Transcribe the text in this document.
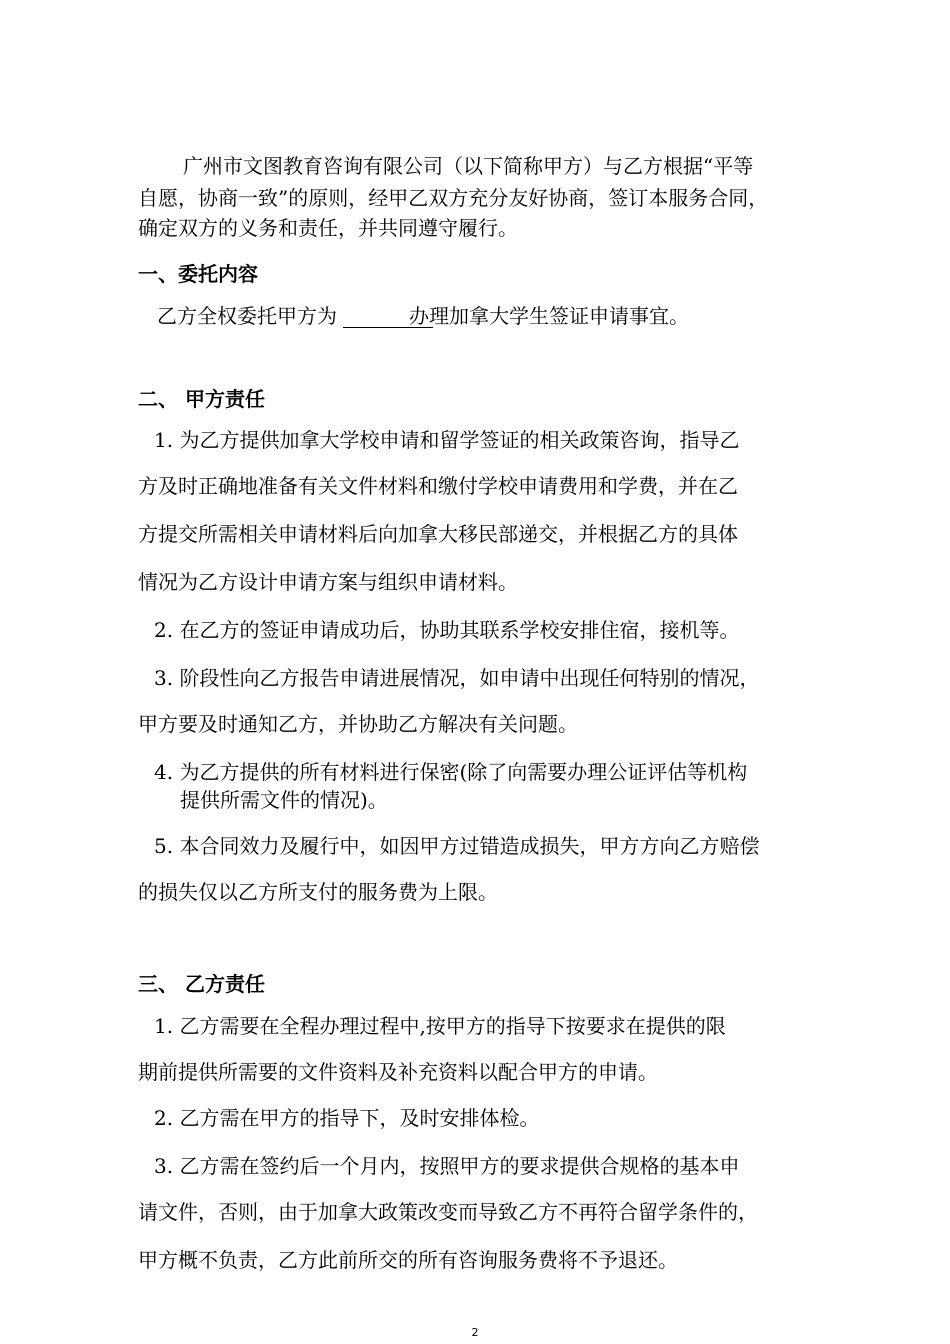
广州市文图教育咨询有限公司（以下简称甲方）与乙方根据“平等
自愿，协商一致”的原则，经甲乙双方充分友好协商，签订本服务合同，
确定双方的义务和责任，并共同遵守履行。
一、委托内容
乙方全权委托甲方为	办理加拿大学生签证申请事宜。
二、 甲方责任
1. 为乙方提供加拿大学校申请和留学签证的相关政策咨询，指导乙
方及时正确地准备有关文件材料和缴付学校申请费用和学费，并在乙
方提交所需相关申请材料后向加拿大移民部递交，并根据乙方的具体
情况为乙方设计申请方案与组织申请材料。
2. 在乙方的签证申请成功后，协助其联系学校安排住宿，接机等。
3. 阶段性向乙方报告申请进展情况，如申请中出现任何特别的情况，
甲方要及时通知乙方，并协助乙方解决有关问题。
4. 为乙方提供的所有材料进行保密(除了向需要办理公证评估等机构
提供所需文件的情况)。
5. 本合同效力及履行中，如因甲方过错造成损失，甲方方向乙方赔偿
的损失仅以乙方所支付的服务费为上限。
三、 乙方责任
1. 乙方需要在全程办理过程中,按甲方的指导下按要求在提供的限
期前提供所需要的文件资料及补充资料以配合甲方的申请。
2. 乙方需在甲方的指导下，及时安排体检。
3. 乙方需在签约后一个月内，按照甲方的要求提供合规格的基本申
请文件，否则，由于加拿大政策改变而导致乙方不再符合留学条件的，
甲方概不负责，乙方此前所交的所有咨询服务费将不予退还。
2
